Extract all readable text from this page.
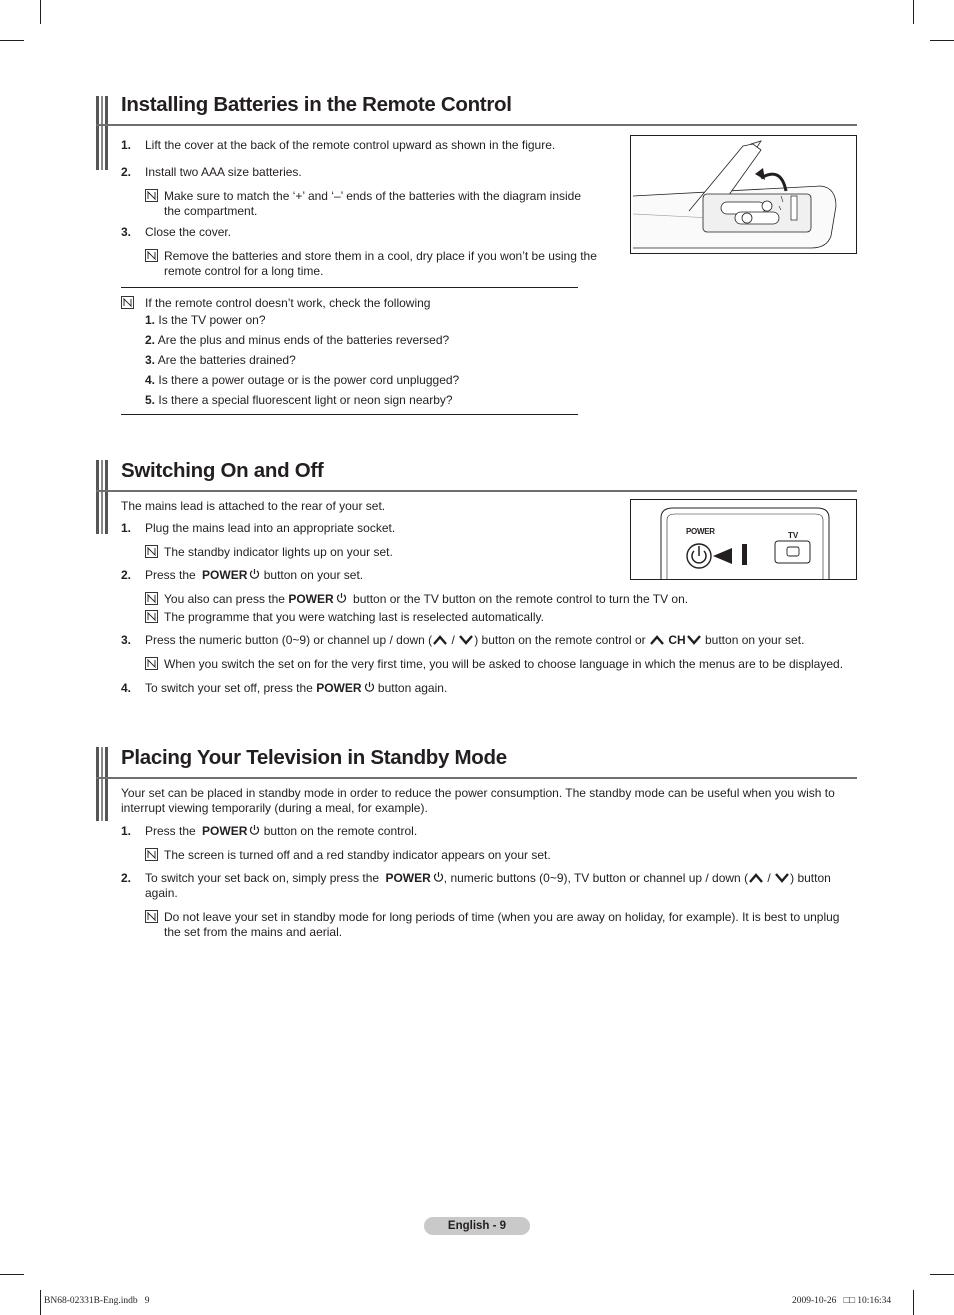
Installing Batteries in the Remote Control
1. Lift the cover at the back of the remote control upward as shown in the figure.
2. Install two AAA size batteries.
Make sure to match the ‘+’ and ‘–’ ends of the batteries with the diagram inside
the compartment.
3. Close the cover.
Remove the batteries and store them in a cool, dry place if you won’t be using the
remote control for a long time.
If the remote control doesn’t work, check the following
1. Is the TV power on?
2. Are the plus and minus ends of the batteries reversed?
3. Are the batteries drained?
4. Is there a power outage or is the power cord unplugged?
5. Is there a special fluorescent light or neon sign nearby?
Switching On and Off
The mains lead is attached to the rear of your set.
1. Plug the mains lead into an appropriate socket.
The standby indicator lights up on your set.
2. Press the POWER button on your set.
You also can press the POWER button or the TV button on the remote control to turn the TV on.
The programme that you were watching last is reselected automatically.
3. Press the numeric button (0~9) or channel up / down ( / ) button on the remote control or CH button on your set.
When you switch the set on for the very first time, you will be asked to choose language in which the menus are to be displayed.
4. To switch your set off, press the POWER button again.
POWER	TV
Placing Your Television in Standby Mode
Your set can be placed in standby mode in order to reduce the power consumption. The standby mode can be useful when you wish to
interrupt viewing temporarily (during a meal, for example).
1. Press the POWER button on the remote control.
The screen is turned off and a red standby indicator appears on your set.
2. To switch your set back on, simply press the POWER , numeric buttons (0~9), TV button or channel up / down ( / ) button
again.
Do not leave your set in standby mode for long periods of time (when you are away on holiday, for example). It is best to unplug
the set from the mains and aerial.
English - 9
BN68-02331B-Eng.indb   9	2009-10-26   □□ 10:16:34
